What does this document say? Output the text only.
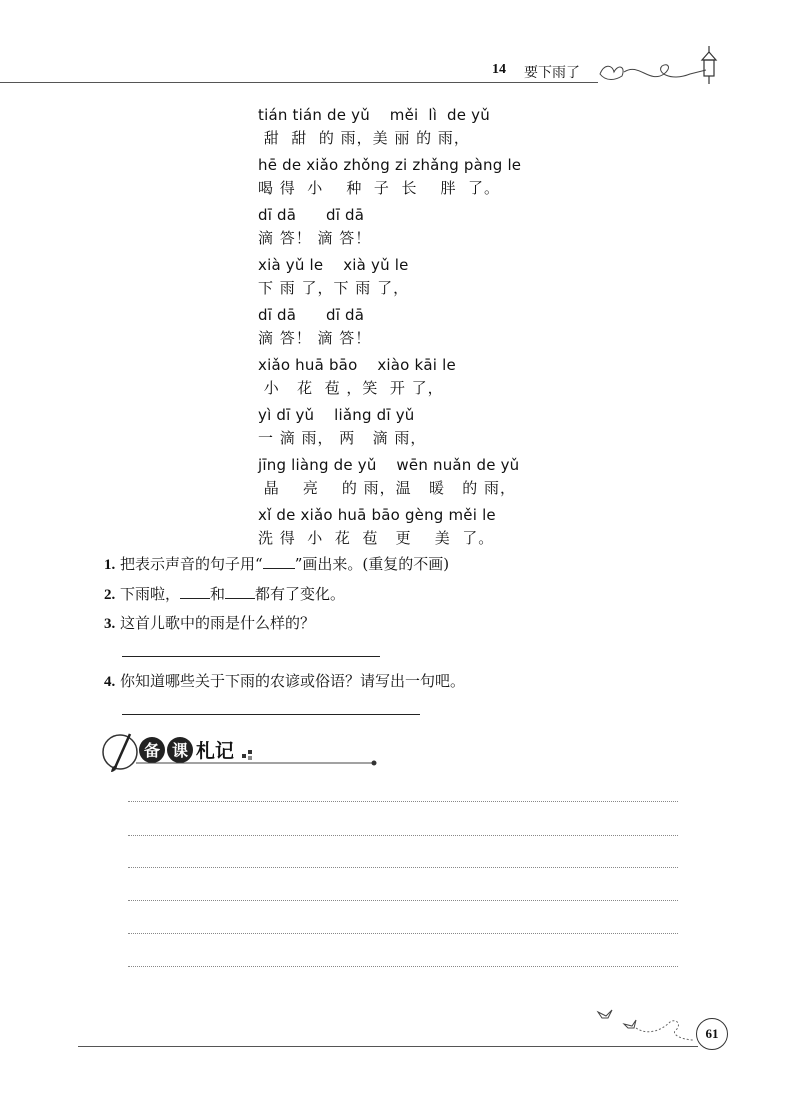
14 要下雨了
tián tián de yǔ    měi  lì  de yǔ
甜  甜  的 雨，美 丽 的 雨，
hē de xiǎo zhǒng zi zhǎng pàng le
喝 得  小    种  子  长    胖  了。
dī dā      dī dā
滴 答！ 滴 答！
xià yǔ le    xià yǔ le
下 雨 了，下 雨 了，
dī dā      dī dā
滴 答！ 滴 答！
xiǎo huā bāo    xiào kāi le
小   花  苞 ，笑  开 了，
yì dī yǔ    liǎng dī yǔ
一 滴 雨， 两   滴 雨，
jīng liàng de yǔ    wēn nuǎn de yǔ
晶    亮    的 雨，温   暖   的 雨，
xǐ de xiǎo huā bāo gèng měi le
洗 得  小  花  苞   更    美  了。
1. 把表示声音的句子用“ ”画出来。(重复的不画)
2. 下雨啦， 和 都有了变化。
3. 这首儿歌中的雨是什么样的？
4. 你知道哪些关于下雨的农谚或俗语？请写出一句吧。
备 课 札记
61
